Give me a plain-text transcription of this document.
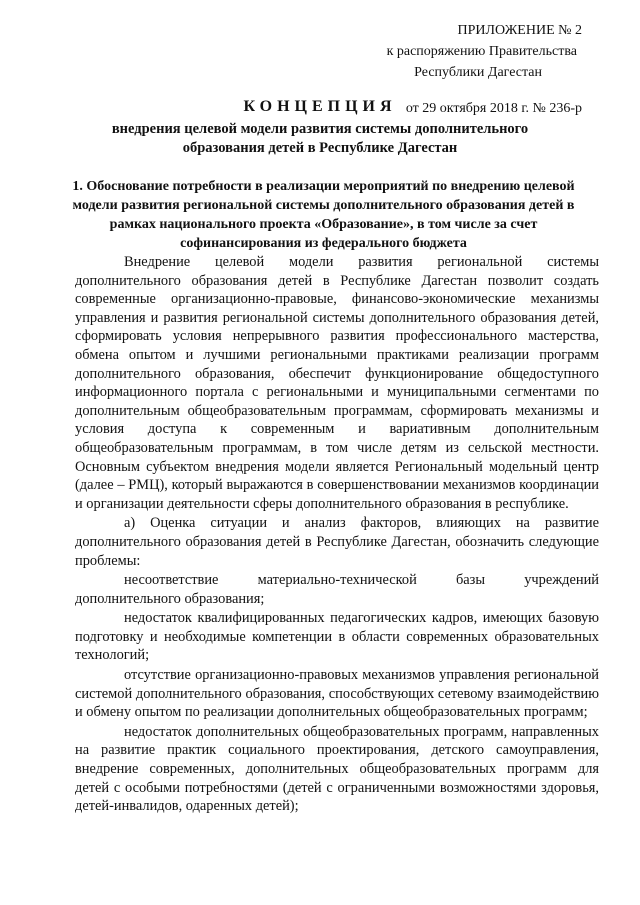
ПРИЛОЖЕНИЕ № 2
к распоряжению Правительства
Республики Дагестан
от 29 октября 2018 г. № 236-р
КОНЦЕПЦИЯ
внедрения целевой модели развития системы дополнительного образования детей в Республике Дагестан
1. Обоснование потребности в реализации мероприятий по внедрению целевой модели развития региональной системы дополнительного образования детей в рамках национального проекта «Образование», в том числе за счет софинансирования из федерального бюджета

Внедрение целевой модели развития региональной системы дополнительного образования детей в Республике Дагестан позволит создать современные организационно-правовые, финансово-экономические механизмы управления и развития региональной системы дополнительного образования детей, сформировать условия непрерывного развития профессионального мастерства, обмена опытом и лучшими региональными практиками реализации программ дополнительного образования, обеспечит функционирование общедоступного информационного портала с региональными и муниципальными сегментами по дополнительным общеобразовательным программам, сформировать механизмы и условия доступа к современным и вариативным дополнительным общеобразовательным программам, в том числе детям из сельской местности. Основным субъектом внедрения модели является Региональный модельный центр (далее – РМЦ), который выражаются в совершенствовании механизмов координации и организации деятельности сферы дополнительного образования в республике.

а) Оценка ситуации и анализ факторов, влияющих на развитие дополнительного образования детей в Республике Дагестан, обозначить следующие проблемы:

несоответствие материально-технической базы учреждений дополнительного образования;

недостаток квалифицированных педагогических кадров, имеющих базовую подготовку и необходимые компетенции в области современных образовательных технологий;

отсутствие организационно-правовых механизмов управления региональной системой дополнительного образования, способствующих сетевому взаимодействию и обмену опытом по реализации дополнительных общеобразовательных программ;

недостаток дополнительных общеобразовательных программ, направленных на развитие практик социального проектирования, детского самоуправления, внедрение современных, дополнительных общеобразовательных программ для детей с особыми потребностями (детей с ограниченными возможностями здоровья, детей-инвалидов, одаренных детей);
